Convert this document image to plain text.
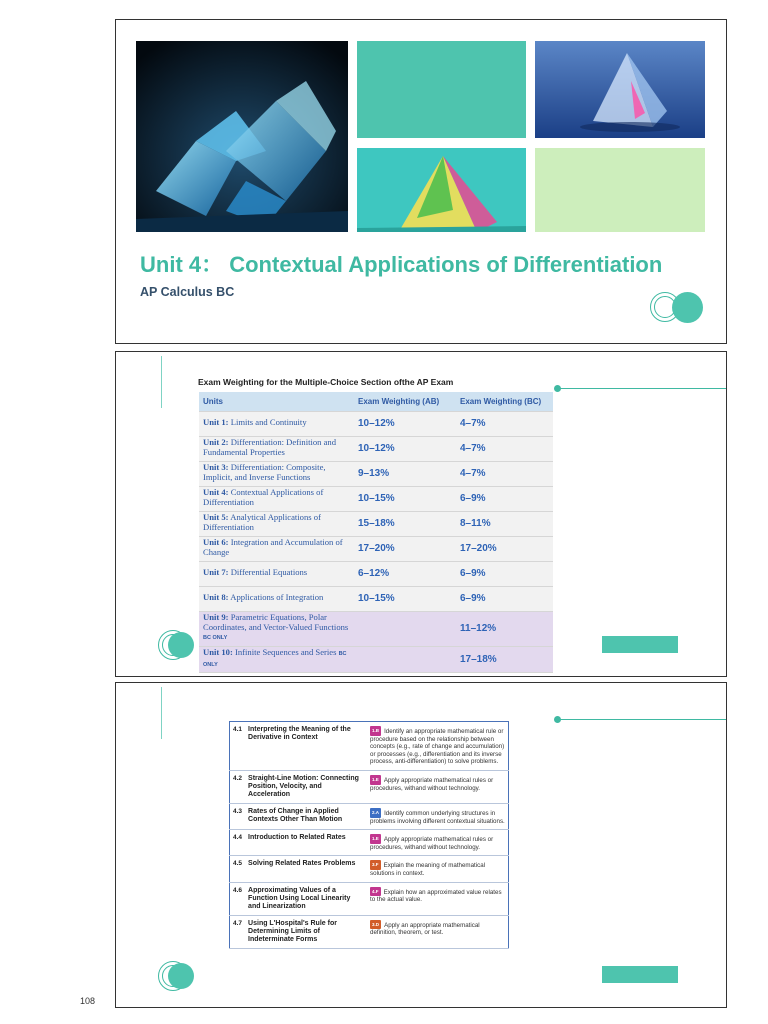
Unit 4： Contextual Applications of Differentiation
AP Calculus BC
Exam Weighting for the Multiple-Choice Section ofthe AP Exam
Units	Exam Weighting (AB)	Exam Weighting (BC)
Unit 1: Limits and Continuity	10–12%	4–7%
Unit 2: Differentiation: Definition and Fundamental Properties	10–12%	4–7%
Unit 3: Differentiation: Composite, Implicit, and Inverse Functions	9–13%	4–7%
Unit 4: Contextual Applications of Differentiation	10–15%	6–9%
Unit 5: Analytical Applications of Differentiation	15–18%	8–11%
Unit 6: Integration and Accumulation of Change	17–20%	17–20%
Unit 7: Differential Equations	6–12%	6–9%
Unit 8: Applications of Integration	10–15%	6–9%
Unit 9: Parametric Equations, Polar Coordinates, and Vector-Valued Functions BC ONLY		11–12%
Unit 10: Infinite Sequences and Series BC ONLY		17–18%
4.1	Interpreting the Meaning of the Derivative in Context	1.B Identify an appropriate mathematical rule or procedure based on the relationship between concepts (e.g., rate of change and accumulation) or processes (e.g., differentiation and its inverse process, anti-differentiation) to solve problems.
4.2	Straight-Line Motion: Connecting Position, Velocity, and Acceleration	1.E Apply appropriate mathematical rules or procedures, withand without technology.
4.3	Rates of Change in Applied Contexts Other Than Motion	2.A Identify common underlying structures in problems involving different contextual situations.
4.4	Introduction to Related Rates	1.E Apply appropriate mathematical rules or procedures, withand without technology.
4.5	Solving Related Rates Problems	3.F Explain the meaning of mathematical solutions in context.
4.6	Approximating Values of a Function Using Local Linearity and Linearization	4.F Explain how an approximated value relates to the actual value.
4.7	Using L'Hospital's Rule for Determining Limits of Indeterminate Forms	3.D Apply an appropriate mathematical definition, theorem, or test.
108
